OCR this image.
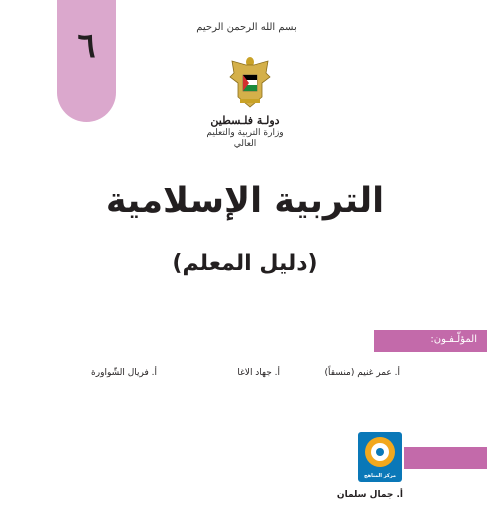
٦	بسم الله الرحمن الرحيم
دولـة فلـسطين
وزارة التربية والتعليم العالي
التربية الإسلامية
(دليل المعلم)
المؤلّـفـون:
أ. عمر غنيم (منسقاً)
أ. جهاد الاغا
أ. فريال الشّواورة
مركز المناهج
أ. جمال سلمان
